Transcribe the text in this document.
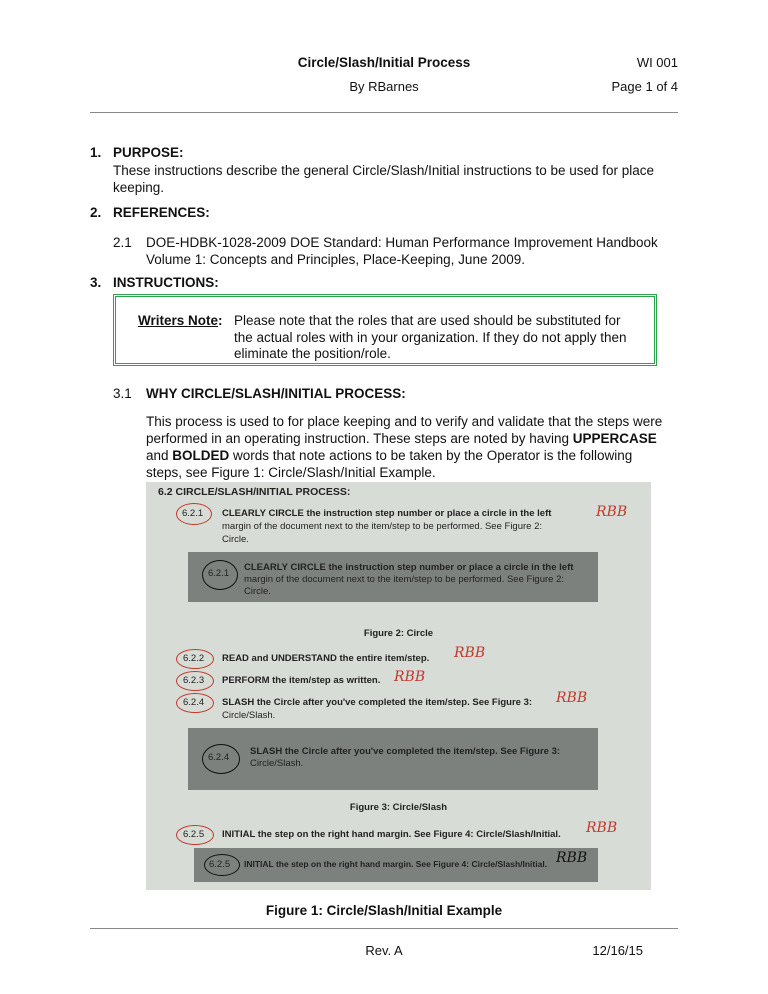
Circle/Slash/Initial Process	WI 001
By RBarnes	Page 1 of 4
1. PURPOSE:
These instructions describe the general Circle/Slash/Initial instructions to be used for place
keeping.
2. REFERENCES:
2.1 DOE-HDBK-1028-2009 DOE Standard: Human Performance Improvement Handbook
Volume 1: Concepts and Principles, Place-Keeping, June 2009.
3. INSTRUCTIONS:
Writers Note: Please note that the roles that are used should be substituted for
the actual roles with in your organization. If they do not apply then
eliminate the position/role.
3.1 WHY CIRCLE/SLASH/INITIAL PROCESS:
This process is used to for place keeping and to verify and validate that the steps were
performed in an operating instruction. These steps are noted by having UPPERCASE
and BOLDED words that note actions to be taken by the Operator is the following
steps, see Figure 1: Circle/Slash/Initial Example.
6.2 CIRCLE/SLASH/INITIAL PROCESS:
6.2.1 CLEARLY CIRCLE the instruction step number or place a circle in the left
margin of the document next to the item/step to be performed. See Figure 2:
Circle.
RBB
6.2.1
CLEARLY CIRCLE the instruction step number or place a circle in the left
margin of the document next to the item/step to be performed. See Figure 2:
Circle.
Figure 2: Circle
6.2.2 READ and UNDERSTAND the entire item/step. RBB
6.2.3 PERFORM the item/step as written. RBB
6.2.4 SLASH the Circle after you've completed the item/step. See Figure 3:
Circle/Slash.
RBB
6.2.4
SLASH the Circle after you've completed the item/step. See Figure 3:
Circle/Slash.
Figure 3: Circle/Slash
6.2.5 INITIAL the step on the right hand margin. See Figure 4: Circle/Slash/Initial. RBB
6.2.5 INITIAL the step on the right hand margin. See Figure 4: Circle/Slash/Initial. RBB
Figure 1: Circle/Slash/Initial Example
Rev. A	12/16/15
